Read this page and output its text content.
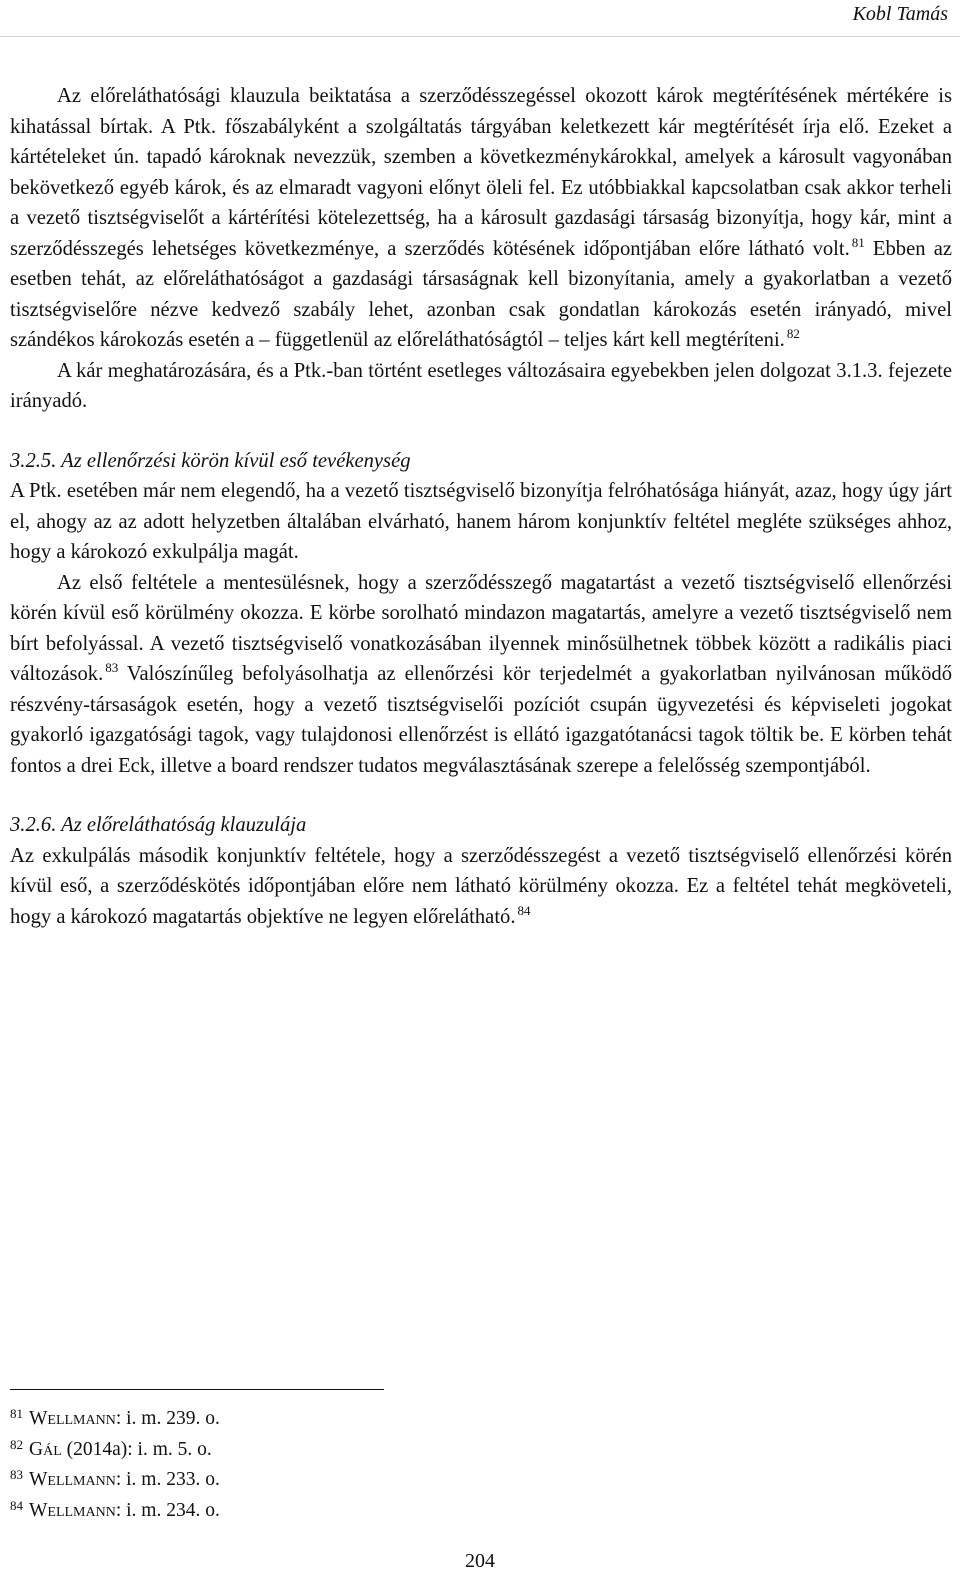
Kobl Tamás

Az előreláthatósági klauzula beiktatása a szerződésszegéssel okozott károk megtérítésének mértékére is kihatással bírtak. A Ptk. főszabályként a szolgáltatás tárgyában keletkezett kár megtérítését írja elő. Ezeket a kártételeket ún. tapadó károknak nevezzük, szemben a következménykárokkal, amelyek a károsult vagyonában bekövetkező egyéb károk, és az elmaradt vagyoni előnyt öleli fel. Ez utóbbiakkal kapcsolatban csak akkor terheli a vezető tisztségviselőt a kártérítési kötelezettség, ha a károsult gazdasági társaság bizonyítja, hogy kár, mint a szerződésszegés lehetséges következménye, a szerződés kötésének időpontjában előre látható volt. $^{81}$ Ebben az esetben tehát, az előreláthatóságot a gazdasági társaságnak kell bizonyítania, amely a gyakorlatban a vezető tisztségviselőre nézve kedvező szabály lehet, azonban csak gondatlan károkozás esetén irányadó, mivel szándékos károkozás esetén a – függetlenül az előreláthatóságtól – teljes kárt kell megtéríteni. $^{82}$

A kár meghatározására, és a Ptk.-ban történt esetleges változásaira egyebekben jelen dolgozat 3.1.3. fejezete irányadó.

3.2.5. Az ellenőrzési körön kívül eső tevékenység

A Ptk. esetében már nem elegendő, ha a vezető tisztségviselő bizonyítja felróhatósága hiányát, azaz, hogy úgy járt el, ahogy az az adott helyzetben általában elvárható, hanem három konjunktív feltétel megléte szükséges ahhoz, hogy a károkozó exkulpálja magát.

Az első feltétele a mentesülésnek, hogy a szerződésszegő magatartást a vezető tisztségviselő ellenőrzési körén kívül eső körülmény okozza. E körbe sorolható mindazon magatartás, amelyre a vezető tisztségviselő nem bírt befolyással. A vezető tisztségviselő vonatkozásában ilyennek minősülhetnek többek között a radikális piaci változások. $^{83}$ Valószínűleg befolyásolhatja az ellenőrzési kör terjedelmét a gyakorlatban nyilvánosan működő részvény-társaságok esetén, hogy a vezető tisztségviselői pozíciót csupán ügyvezetési és képviseleti jogokat gyakorló igazgatósági tagok, vagy tulajdonosi ellenőrzést is ellátó igazgatótanácsi tagok töltik be. E körben tehát fontos a drei Eck, illetve a board rendszer tudatos megválasztásának szerepe a felelősség szempontjából.

3.2.6. Az előreláthatóság klauzulája

Az exkulpálás második konjunktív feltétele, hogy a szerződésszegést a vezető tisztségviselő ellenőrzési körén kívül eső, a szerződéskötés időpontjában előre nem látható körülmény okozza. Ez a feltétel tehát megköveteli, hogy a károkozó magatartás objektíve ne legyen előrelátható. $^{84}$

$^{81}$ Wellmann: i. m. 239. o.

$^{82}$ Gál (2014a): i. m. 5. o.

$^{83}$ Wellmann: i. m. 233. o.

$^{84}$ Wellmann: i. m. 234. o.

204
